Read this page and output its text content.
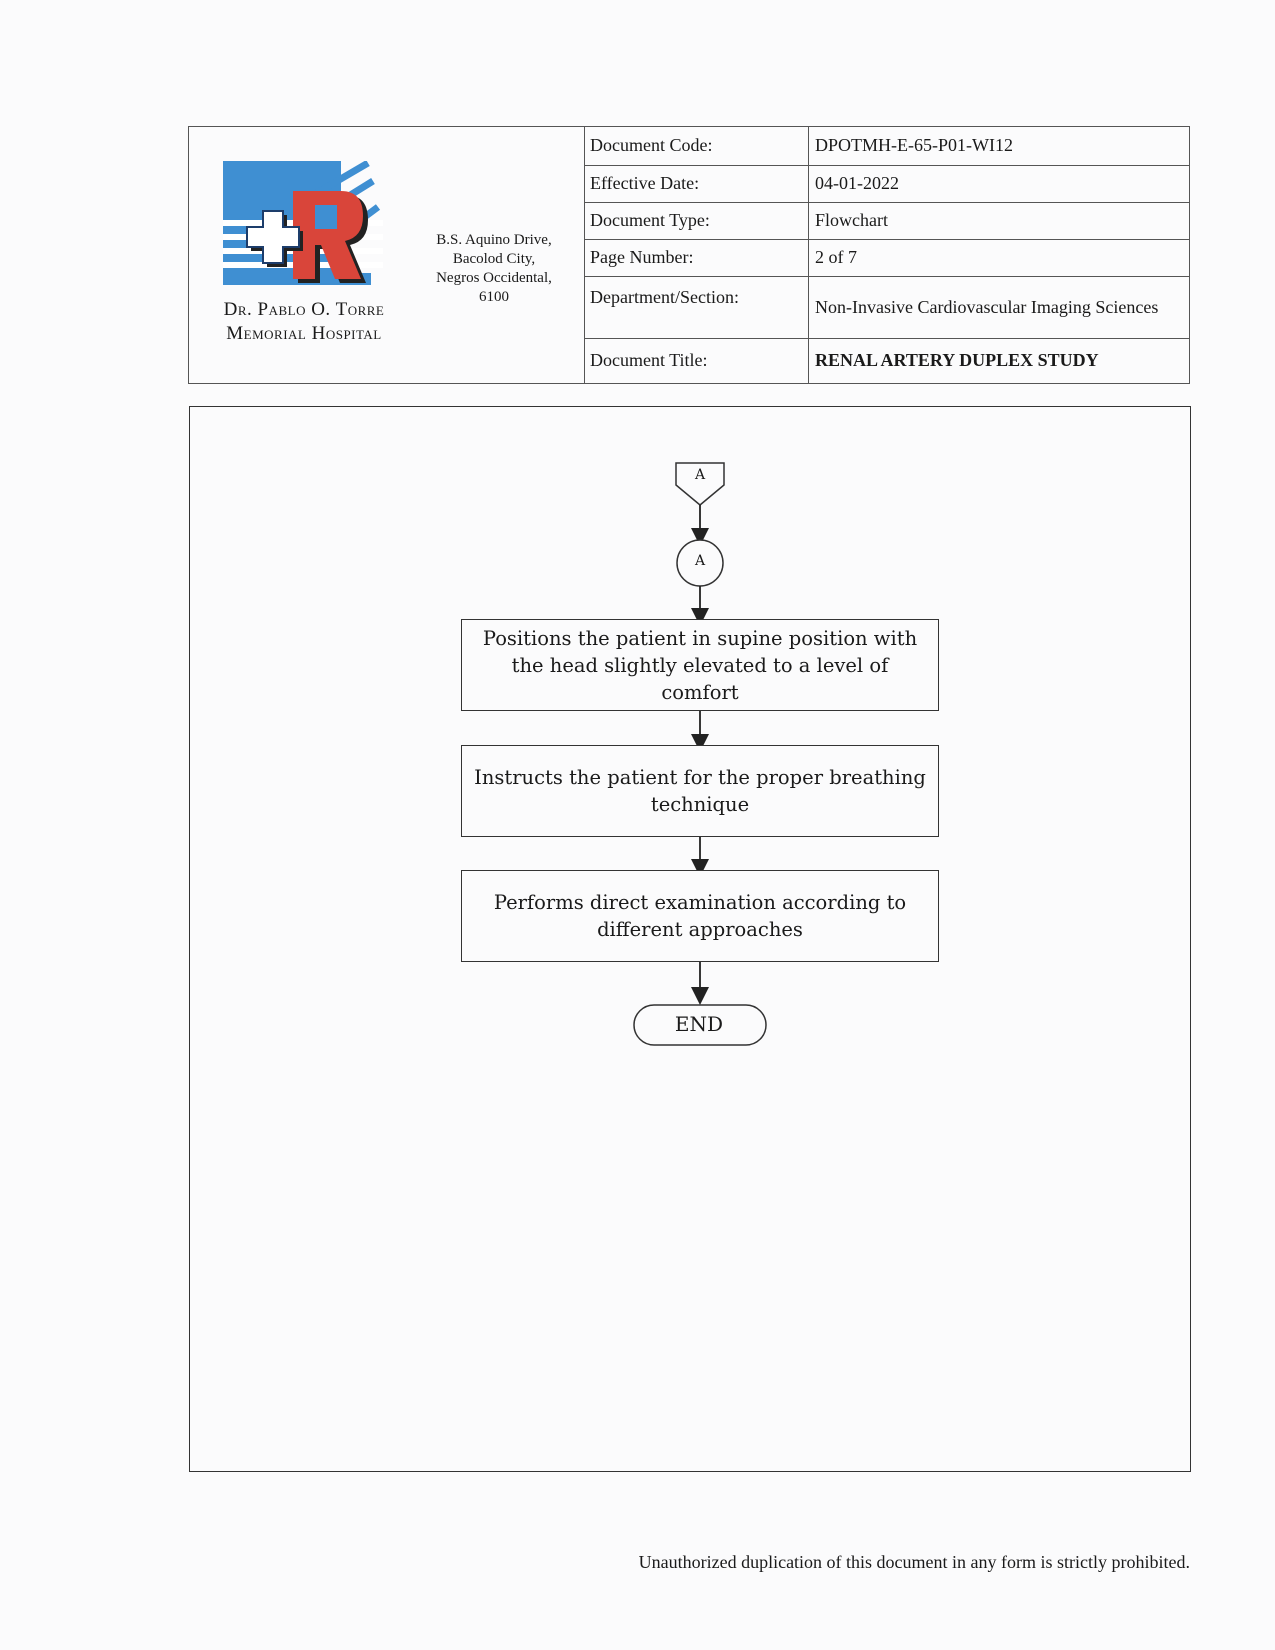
Dr. Pablo O. Torre
Memorial Hospital
B.S. Aquino Drive,
Bacolod City,
Negros Occidental,
6100
Document Code:	DPOTMH-E-65-P01-WI12
Effective Date:	04-01-2022
Document Type:	Flowchart
Page Number:	2 of 7
Department/Section:	Non-Invasive Cardiovascular Imaging Sciences
Document Title:	RENAL ARTERY DUPLEX STUDY
A
A
Positions the patient in supine position with the head slightly elevated to a level of comfort
Instructs the patient for the proper breathing technique
Performs direct examination according to different approaches
END
Unauthorized duplication of this document in any form is strictly prohibited.
